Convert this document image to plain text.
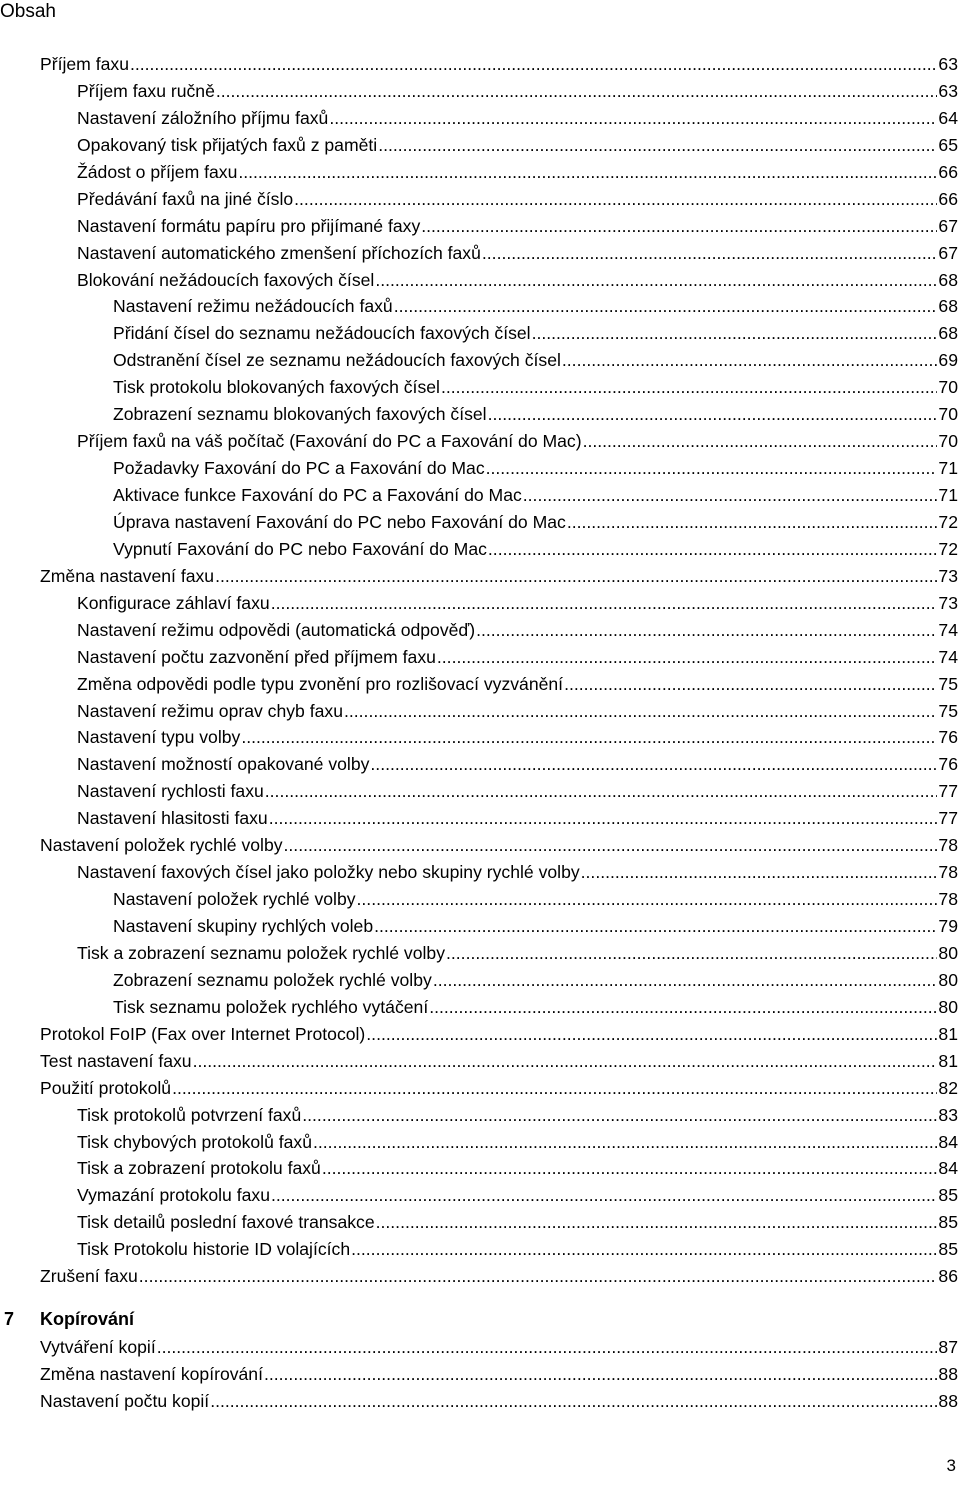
Obsah
Příjem faxu .....	63
Příjem faxu ručně .....	63
Nastavení záložního příjmu faxů .....	64
Opakovaný tisk přijatých faxů z paměti .....	65
Žádost o příjem faxu .....	66
Předávání faxů na jiné číslo .....	66
Nastavení formátu papíru pro přijímané faxy .....	67
Nastavení automatického zmenšení příchozích faxů .....	67
Blokování nežádoucích faxových čísel .....	68
Nastavení režimu nežádoucích faxů .....	68
Přidání čísel do seznamu nežádoucích faxových čísel .....	68
Odstranění čísel ze seznamu nežádoucích faxových čísel .....	69
Tisk protokolu blokovaných faxových čísel .....	70
Zobrazení seznamu blokovaných faxových čísel .....	70
Příjem faxů na váš počítač (Faxování do PC a Faxování do Mac) .....	70
Požadavky Faxování do PC a Faxování do Mac .....	71
Aktivace funkce Faxování do PC a Faxování do Mac .....	71
Úprava nastavení Faxování do PC nebo Faxování do Mac .....	72
Vypnutí Faxování do PC nebo Faxování do Mac .....	72
Změna nastavení faxu .....	73
Konfigurace záhlaví faxu .....	73
Nastavení režimu odpovědi (automatická odpověď) .....	74
Nastavení počtu zazvonění před příjmem faxu .....	74
Změna odpovědi podle typu zvonění pro rozlišovací vyzvánění .....	75
Nastavení režimu oprav chyb faxu .....	75
Nastavení typu volby .....	76
Nastavení možností opakované volby .....	76
Nastavení rychlosti faxu .....	77
Nastavení hlasitosti faxu .....	77
Nastavení položek rychlé volby .....	78
Nastavení faxových čísel jako položky nebo skupiny rychlé volby .....	78
Nastavení položek rychlé volby .....	78
Nastavení skupiny rychlých voleb .....	79
Tisk a zobrazení seznamu položek rychlé volby .....	80
Zobrazení seznamu položek rychlé volby .....	80
Tisk seznamu položek rychlého vytáčení .....	80
Protokol FoIP (Fax over Internet Protocol) .....	81
Test nastavení faxu .....	81
Použití protokolů .....	82
Tisk protokolů potvrzení faxů .....	83
Tisk chybových protokolů faxů .....	84
Tisk a zobrazení protokolu faxů .....	84
Vymazání protokolu faxu .....	85
Tisk detailů poslední faxové transakce .....	85
Tisk Protokolu historie ID volajících .....	85
Zrušení faxu .....	86
7	Kopírování
Vytváření kopií .....	87
Změna nastavení kopírování .....	88
Nastavení počtu kopií .....	88
3
